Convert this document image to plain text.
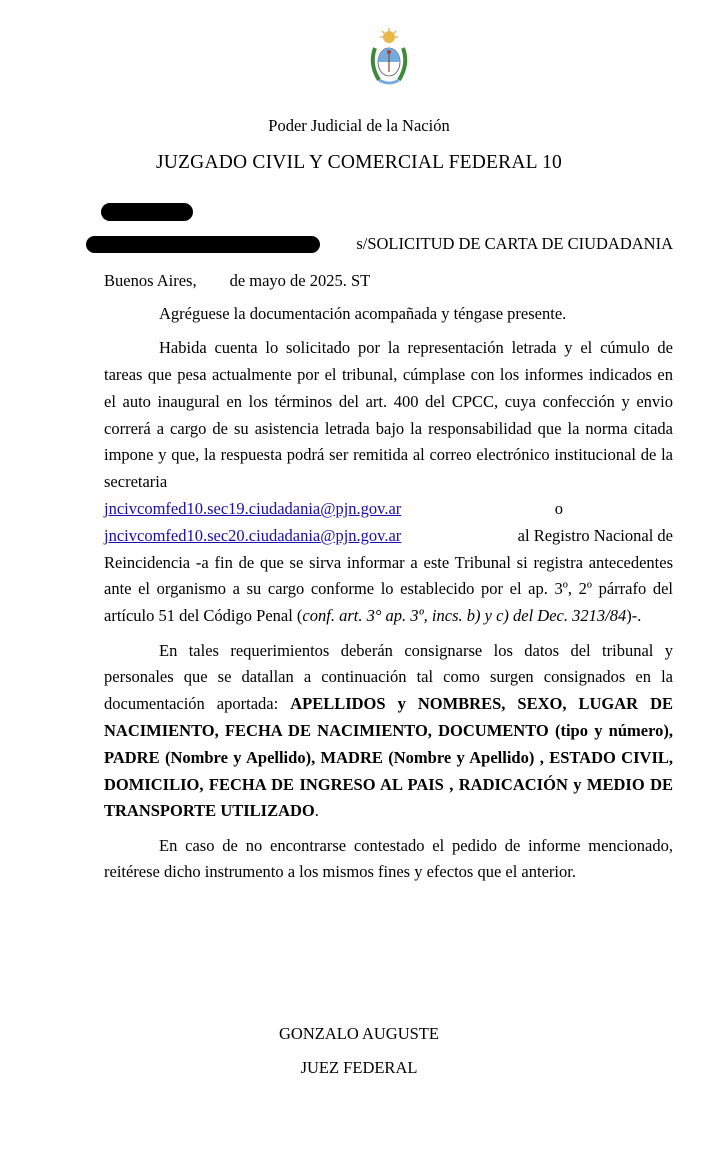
Poder Judicial de la Nación
JUZGADO CIVIL Y COMERCIAL FEDERAL 10
s/SOLICITUD DE CARTA DE CIUDADANIA
Buenos Aires,        de mayo de 2025. ST

Agréguese la documentación acompañada y téngase presente.

Habida cuenta lo solicitado por la representación letrada y el cúmulo de tareas que pesa actualmente por el tribunal, cúmplase con los informes indicados en el auto inaugural en los términos del art. 400 del CPCC, cuya confección y envio correrá a cargo de su asistencia letrada bajo la responsabilidad que la norma citada impone y que, la respuesta podrá ser remitida al correo electrónico institucional de la secretaria

jncivcomfed10.sec19.ciudadania@pjn.gov.ar	o
jncivcomfed10.sec20.ciudadania@pjn.gov.ar	al Registro Nacional de

Reincidencia -a fin de que se sirva informar a este Tribunal si registra antecedentes ante el organismo a su cargo conforme lo establecido por el ap. 3º, 2º párrafo del artículo 51 del Código Penal (conf. art. 3° ap. 3º, incs. b) y c) del Dec. 3213/84)-.

En tales requerimientos deberán consignarse los datos del tribunal y personales que se datallan a continuación tal como surgen consignados en la documentación aportada: APELLIDOS y NOMBRES, SEXO, LUGAR DE NACIMIENTO, FECHA DE NACIMIENTO, DOCUMENTO (tipo y número), PADRE (Nombre y Apellido), MADRE (Nombre y Apellido) , ESTADO CIVIL, DOMICILIO, FECHA DE INGRESO AL PAIS , RADICACIÓN y MEDIO DE TRANSPORTE UTILIZADO.

En caso de no encontrarse contestado el pedido de informe mencionado, reitérese dicho instrumento a los mismos fines y efectos que el anterior.

GONZALO AUGUSTE
JUEZ FEDERAL
